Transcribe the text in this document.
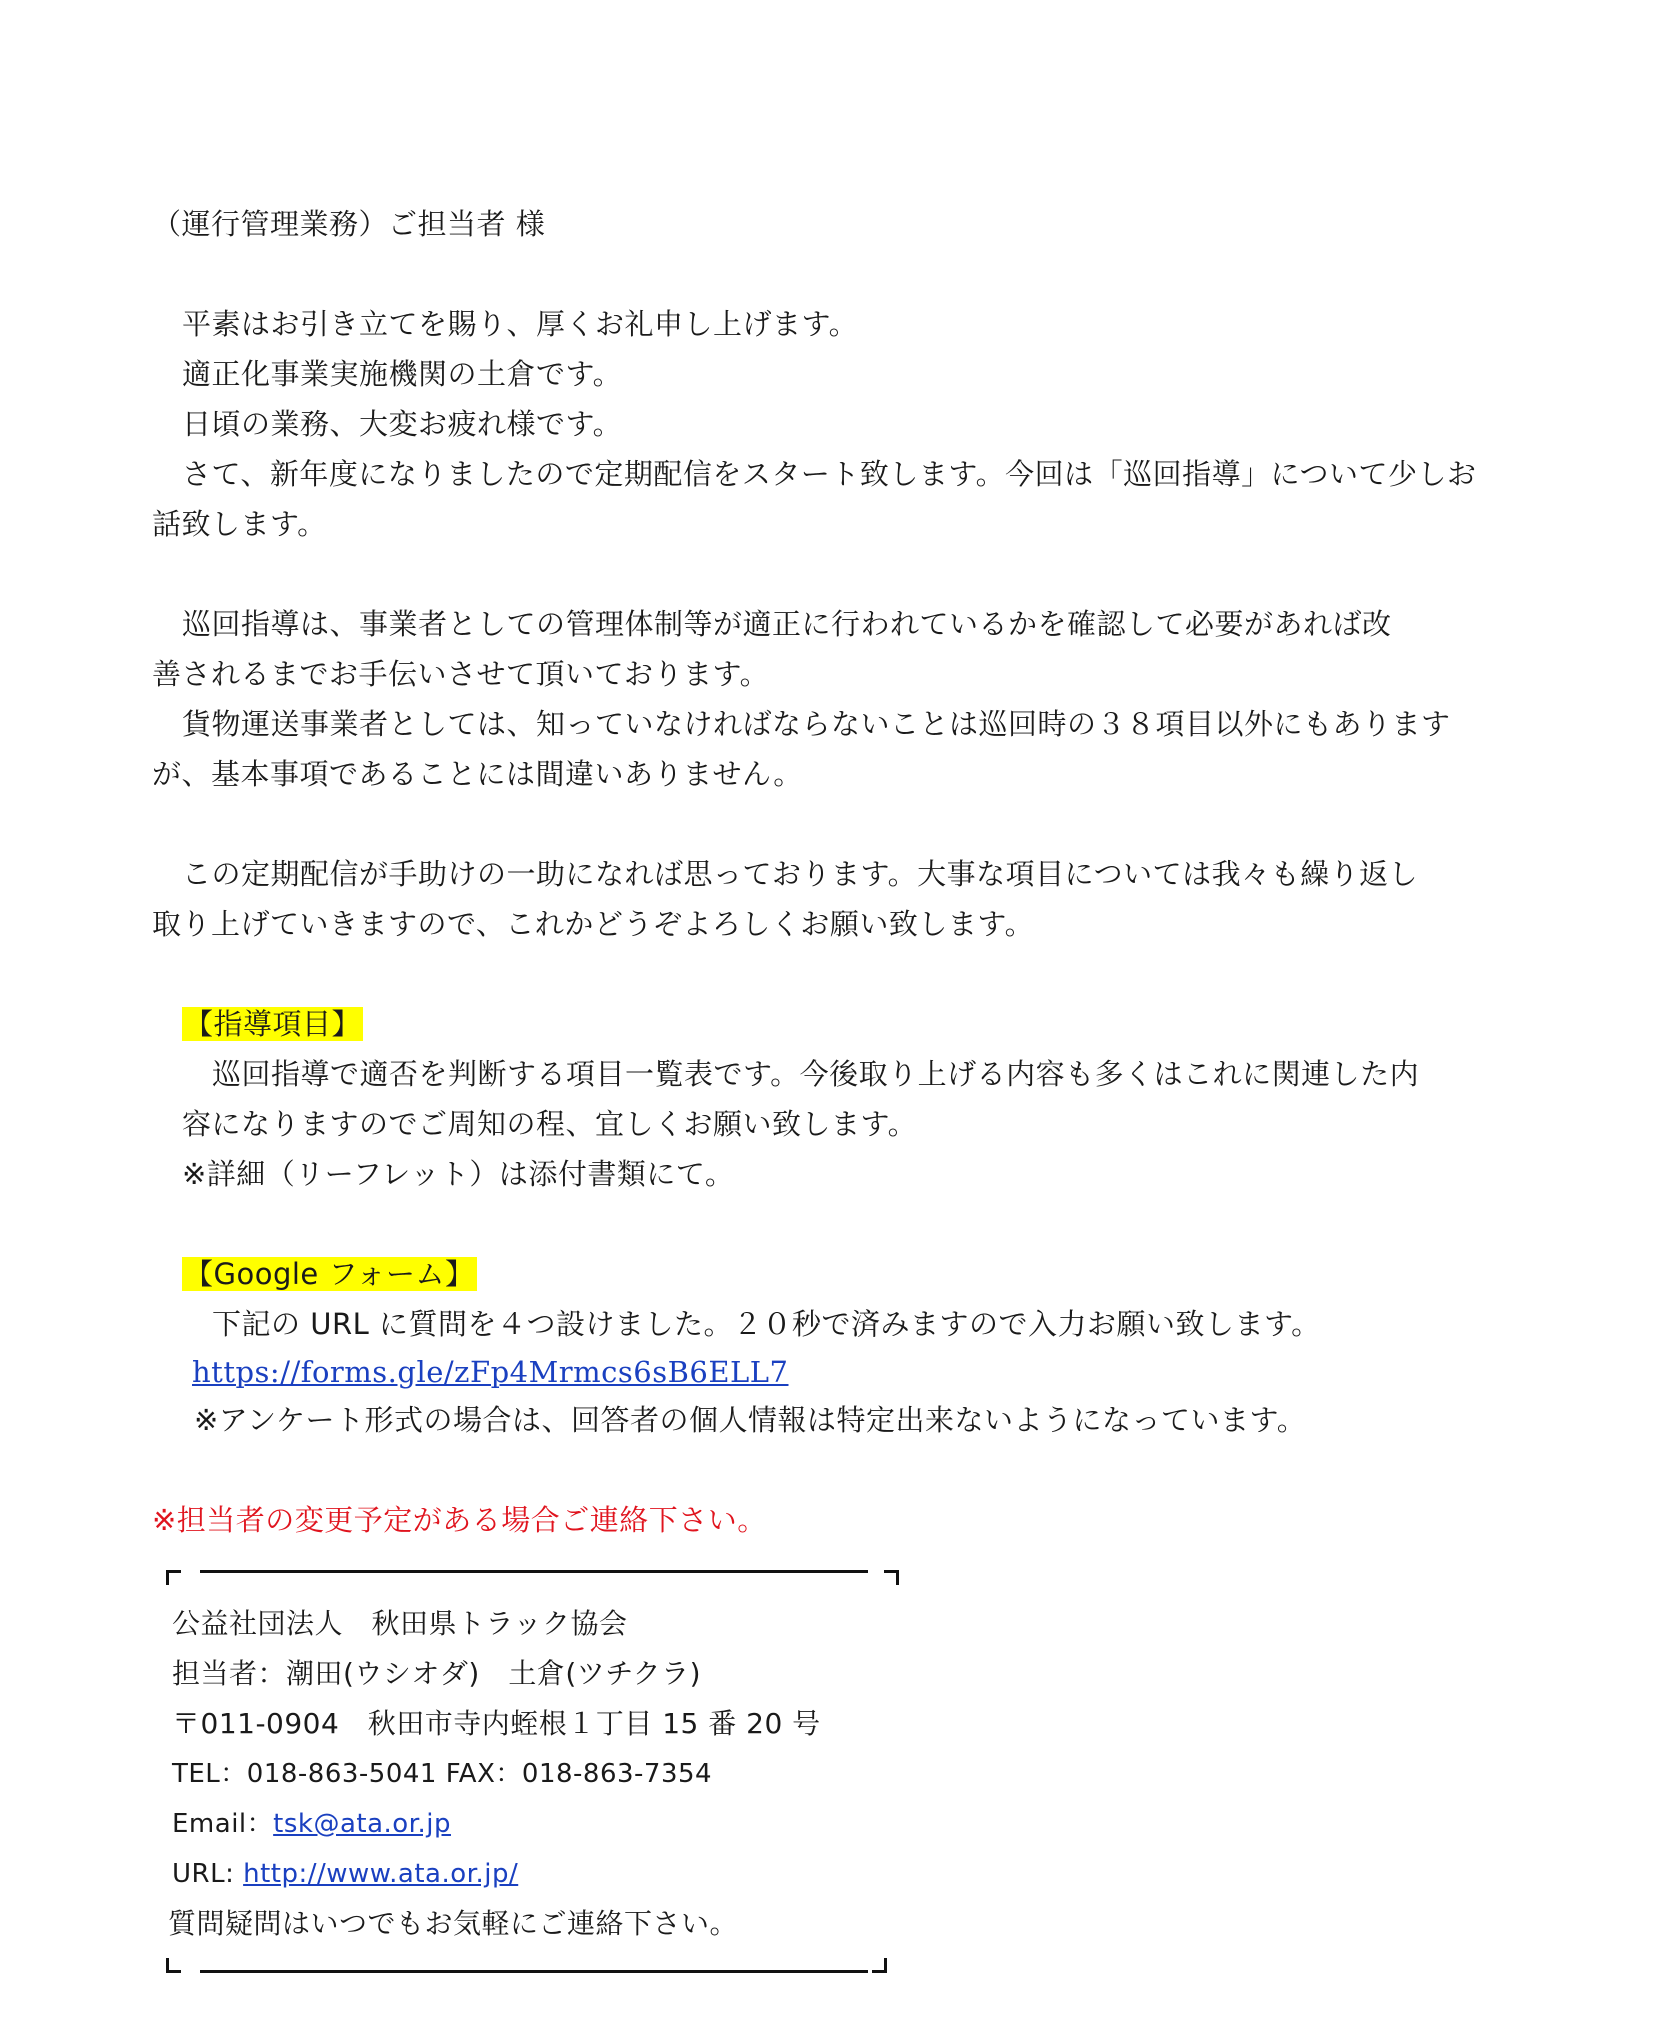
（運行管理業務）ご担当者 様
平素はお引き立てを賜り、厚くお礼申し上げます。
適正化事業実施機関の土倉です。
日頃の業務、大変お疲れ様です。
さて、新年度になりましたので定期配信をスタート致します。今回は「巡回指導」について少しお
話致します。
巡回指導は、事業者としての管理体制等が適正に行われているかを確認して必要があれば改
善されるまでお手伝いさせて頂いております。
貨物運送事業者としては、知っていなければならないことは巡回時の３８項目以外にもあります
が、基本事項であることには間違いありません。
この定期配信が手助けの一助になれば思っております。大事な項目については我々も繰り返し
取り上げていきますので、これかどうぞよろしくお願い致します。
【指導項目】
巡回指導で適否を判断する項目一覧表です。今後取り上げる内容も多くはこれに関連した内
容になりますのでご周知の程、宜しくお願い致します。
※詳細（リーフレット）は添付書類にて。
【Google フォーム】
下記の URL に質問を４つ設けました。２０秒で済みますので入力お願い致します。
https://forms.gle/zFp4Mrmcs6sB6ELL7
※アンケート形式の場合は、回答者の個人情報は特定出来ないようになっています。
※担当者の変更予定がある場合ご連絡下さい。
公益社団法人　秋田県トラック協会
担当者：潮田(ウシオダ)　土倉(ツチクラ)
〒011-0904　秋田市寺内蛭根１丁目 15 番 20 号
TEL：018-863-5041 FAX：018-863-7354
Email：tsk@ata.or.jp
URL: http://www.ata.or.jp/
質問疑問はいつでもお気軽にご連絡下さい。
